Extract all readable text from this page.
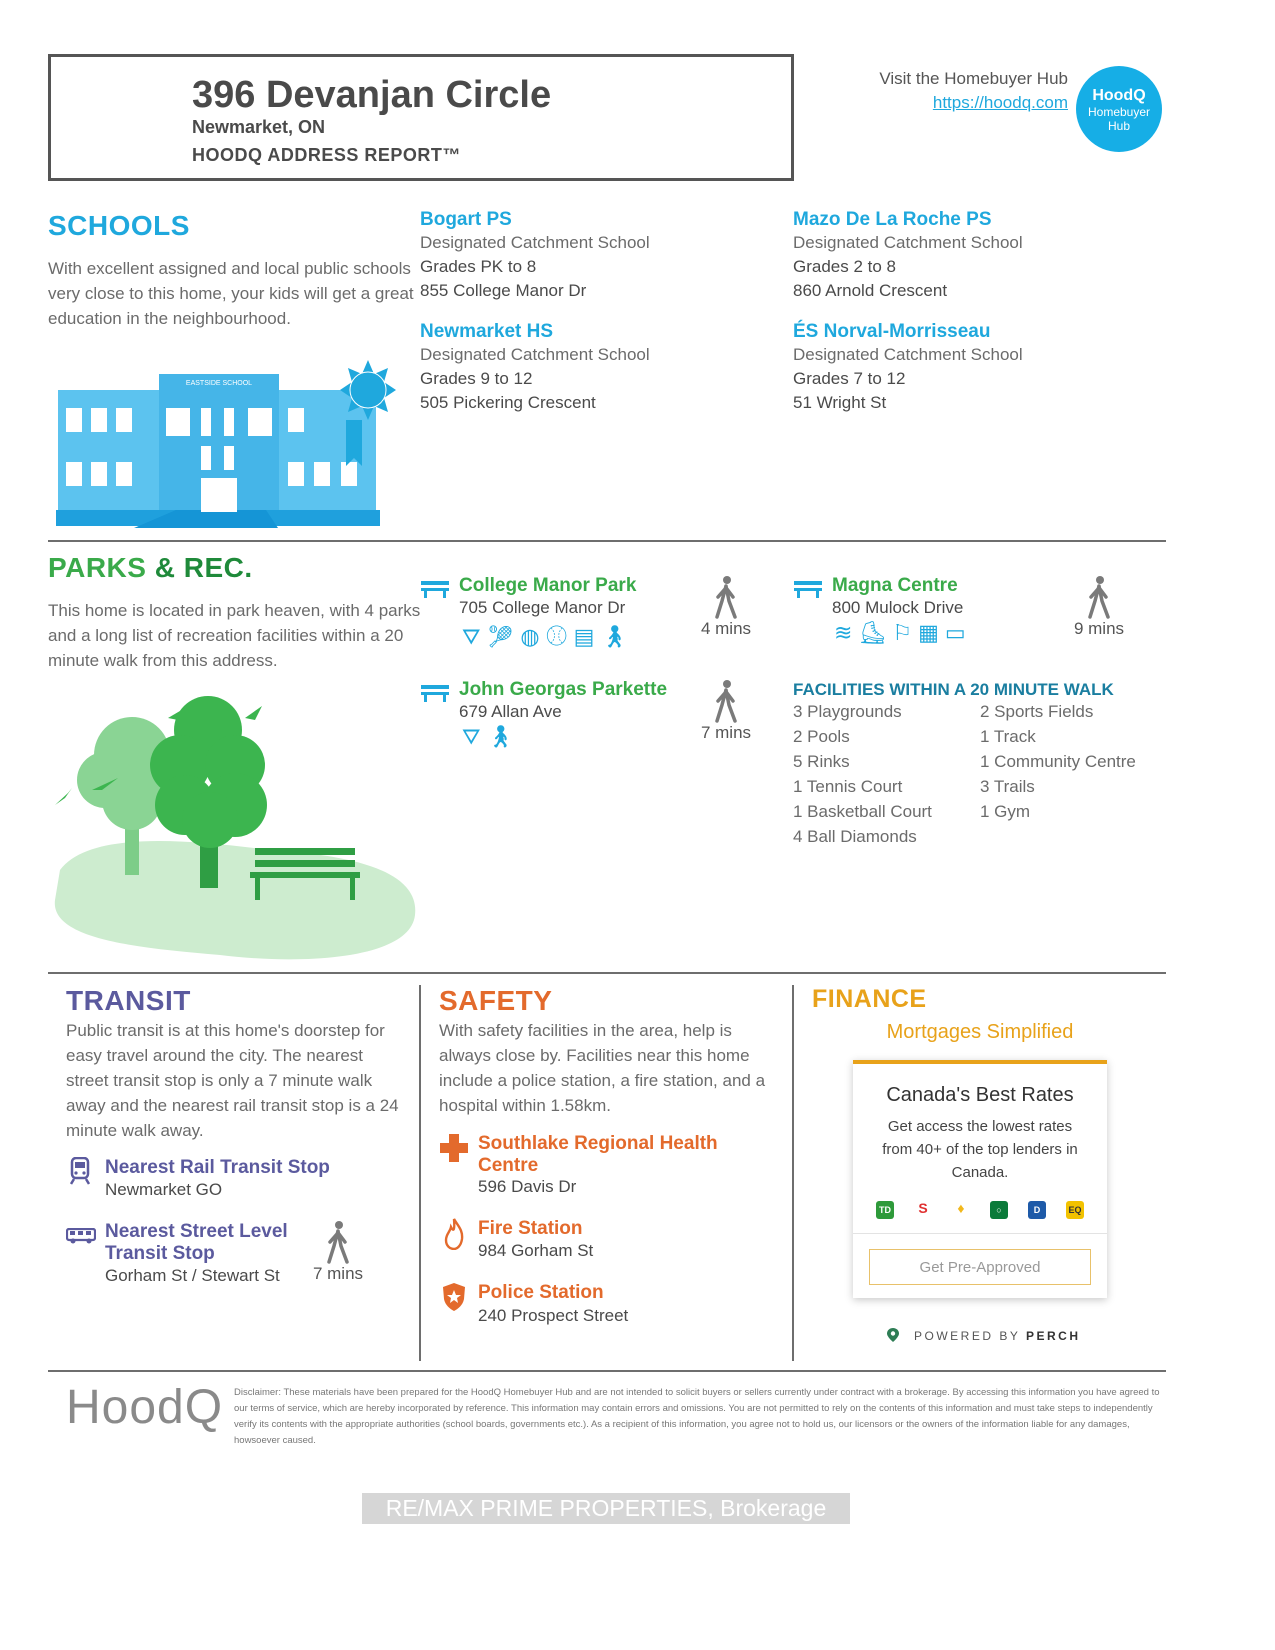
396 Devanjan Circle
Newmarket, ON
HOODQ ADDRESS REPORT™
Visit the Homebuyer Hub
https://hoodq.com	HoodQ
Homebuyer
Hub
SCHOOLS
With excellent assigned and local public schools very close to this home, your kids will get a great education in the neighbourhood.
Bogart PS
Designated Catchment School
Grades PK to 8
855 College Manor Dr
Mazo De La Roche PS
Designated Catchment School
Grades 2 to 8
860 Arnold Crescent
Newmarket HS
Designated Catchment School
Grades 9 to 12
505 Pickering Crescent
ÉS Norval-Morrisseau
Designated Catchment School
Grades 7 to 12
51 Wright St
EASTSIDE SCHOOL
PARKS & REC.
This home is located in park heaven, with 4 parks and a long list of recreation facilities within a 20 minute walk from this address.
College Manor Park
705 College Manor Dr
⛛ 🎾︎ ◍ ⚾︎ ▤ 🚶︎	4 mins
Magna Centre
800 Mulock Drive
≋ ⛸︎ ⚐ ▦ ▭	9 mins
John Georgas Parkette
679 Allan Ave
⛛ 🚶︎	7 mins
FACILITIES WITHIN A 20 MINUTE WALK
3 Playgrounds
2 Pools
5 Rinks
1 Tennis Court
1 Basketball Court
4 Ball Diamonds
2 Sports Fields
1 Track
1 Community Centre
3 Trails
1 Gym
TRANSIT
Public transit is at this home's doorstep for easy travel around the city. The nearest street transit stop is only a 7 minute walk away and the nearest rail transit stop is a 24 minute walk away.
Nearest Rail Transit Stop
Newmarket GO
Nearest Street Level
Transit Stop
Gorham St / Stewart St	7 mins
SAFETY
With safety facilities in the area, help is always close by. Facilities near this home include a police station, a fire station, and a hospital within 1.58km.
Southlake Regional Health
Centre
596 Davis Dr
Fire Station
984 Gorham St
Police Station
240 Prospect Street
FINANCE
Mortgages Simplified
Canada's Best Rates
Get access the lowest rates from 40+ of the top lenders in Canada.
TD S ♦	○	D	EQ
Get Pre-Approved
POWERED BY PERCH
HoodQ Disclaimer: These materials have been prepared for the HoodQ Homebuyer Hub and are not intended to solicit buyers or sellers currently under contract with a brokerage. By accessing this information you have agreed to our terms of service, which are hereby incorporated by reference. This information may contain errors and omissions. You are not permitted to rely on the contents of this information and must take steps to independently verify its contents with the appropriate authorities (school boards, governments etc.). As a recipient of this information, you agree not to hold us, our licensors or the owners of the information liable for any damages, howsoever caused.
RE/MAX PRIME PROPERTIES, Brokerage
